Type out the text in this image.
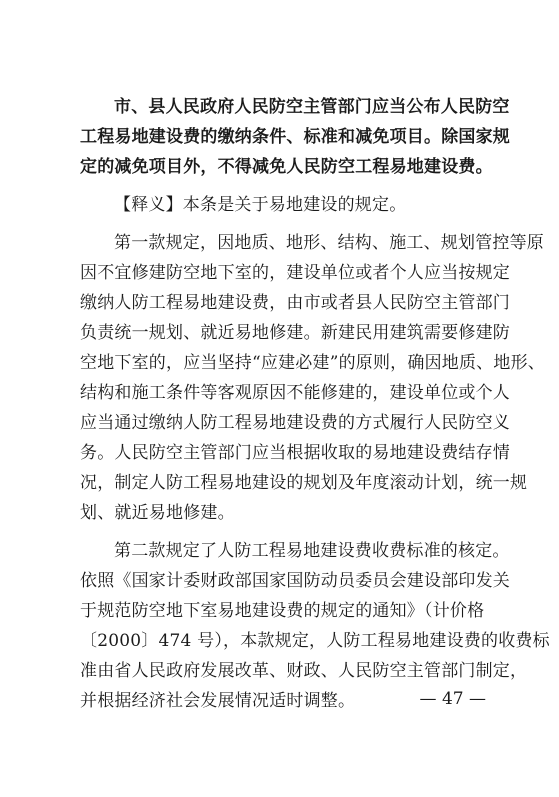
市、县人民政府人民防空主管部门应当公布人民防空
工程易地建设费的缴纳条件、标准和减免项目。除国家规
定的减免项目外，不得减免人民防空工程易地建设费。
【释义】本条是关于易地建设的规定。
第一款规定，因地质、地形、结构、施工、规划管控等原
因不宜修建防空地下室的，建设单位或者个人应当按规定
缴纳人防工程易地建设费，由市或者县人民防空主管部门
负责统一规划、就近易地修建。新建民用建筑需要修建防
空地下室的，应当坚持“应建必建”的原则，确因地质、地形、
结构和施工条件等客观原因不能修建的，建设单位或个人
应当通过缴纳人防工程易地建设费的方式履行人民防空义
务。人民防空主管部门应当根据收取的易地建设费结存情
况，制定人防工程易地建设的规划及年度滚动计划，统一规
划、就近易地修建。
第二款规定了人防工程易地建设费收费标准的核定。
依照《国家计委财政部国家国防动员委员会建设部印发关
于规范防空地下室易地建设费的规定的通知》（计价格
〔2000〕474 号），本款规定，人防工程易地建设费的收费标
准由省人民政府发展改革、财政、人民防空主管部门制定，
并根据经济社会发展情况适时调整。	— 47 —
